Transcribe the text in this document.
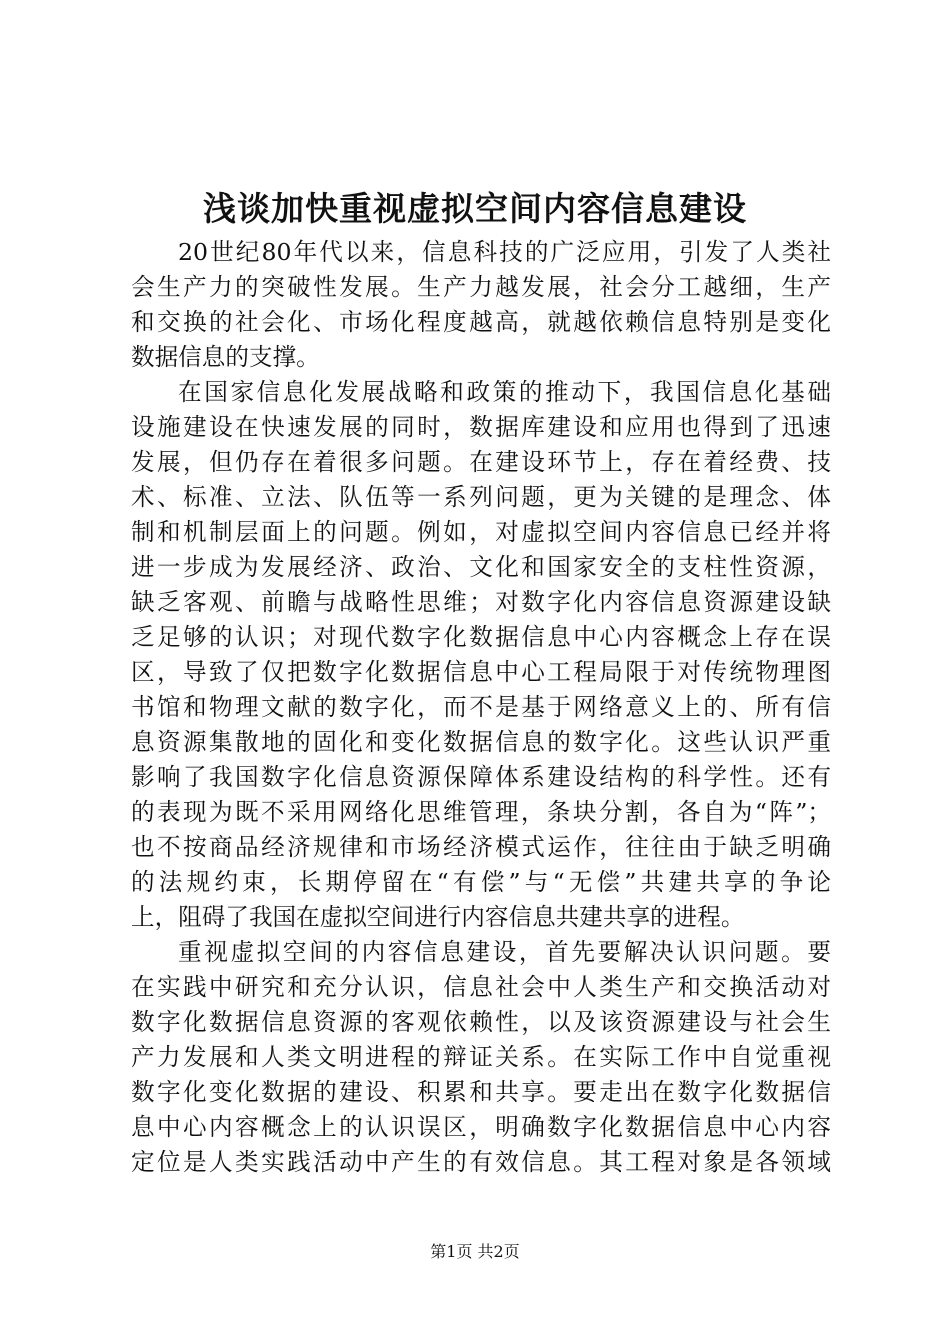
浅谈加快重视虚拟空间内容信息建设
20世纪80年代以来，信息科技的广泛应用，引发了人类社
会生产力的突破性发展。生产力越发展，社会分工越细，生产
和交换的社会化、市场化程度越高，就越依赖信息特别是变化
数据信息的支撑。
在国家信息化发展战略和政策的推动下，我国信息化基础
设施建设在快速发展的同时，数据库建设和应用也得到了迅速
发展，但仍存在着很多问题。在建设环节上，存在着经费、技
术、标准、立法、队伍等一系列问题，更为关键的是理念、体
制和机制层面上的问题。例如，对虚拟空间内容信息已经并将
进一步成为发展经济、政治、文化和国家安全的支柱性资源，
缺乏客观、前瞻与战略性思维；对数字化内容信息资源建设缺
乏足够的认识；对现代数字化数据信息中心内容概念上存在误
区，导致了仅把数字化数据信息中心工程局限于对传统物理图
书馆和物理文献的数字化，而不是基于网络意义上的、所有信
息资源集散地的固化和变化数据信息的数字化。这些认识严重
影响了我国数字化信息资源保障体系建设结构的科学性。还有
的表现为既不采用网络化思维管理，条块分割，各自为“阵”；
也不按商品经济规律和市场经济模式运作，往往由于缺乏明确
的法规约束，长期停留在“有偿”与“无偿”共建共享的争论
上，阻碍了我国在虚拟空间进行内容信息共建共享的进程。
重视虚拟空间的内容信息建设，首先要解决认识问题。要
在实践中研究和充分认识，信息社会中人类生产和交换活动对
数字化数据信息资源的客观依赖性，以及该资源建设与社会生
产力发展和人类文明进程的辩证关系。在实际工作中自觉重视
数字化变化数据的建设、积累和共享。要走出在数字化数据信
息中心内容概念上的认识误区，明确数字化数据信息中心内容
定位是人类实践活动中产生的有效信息。其工程对象是各领域
第1页 共2页
